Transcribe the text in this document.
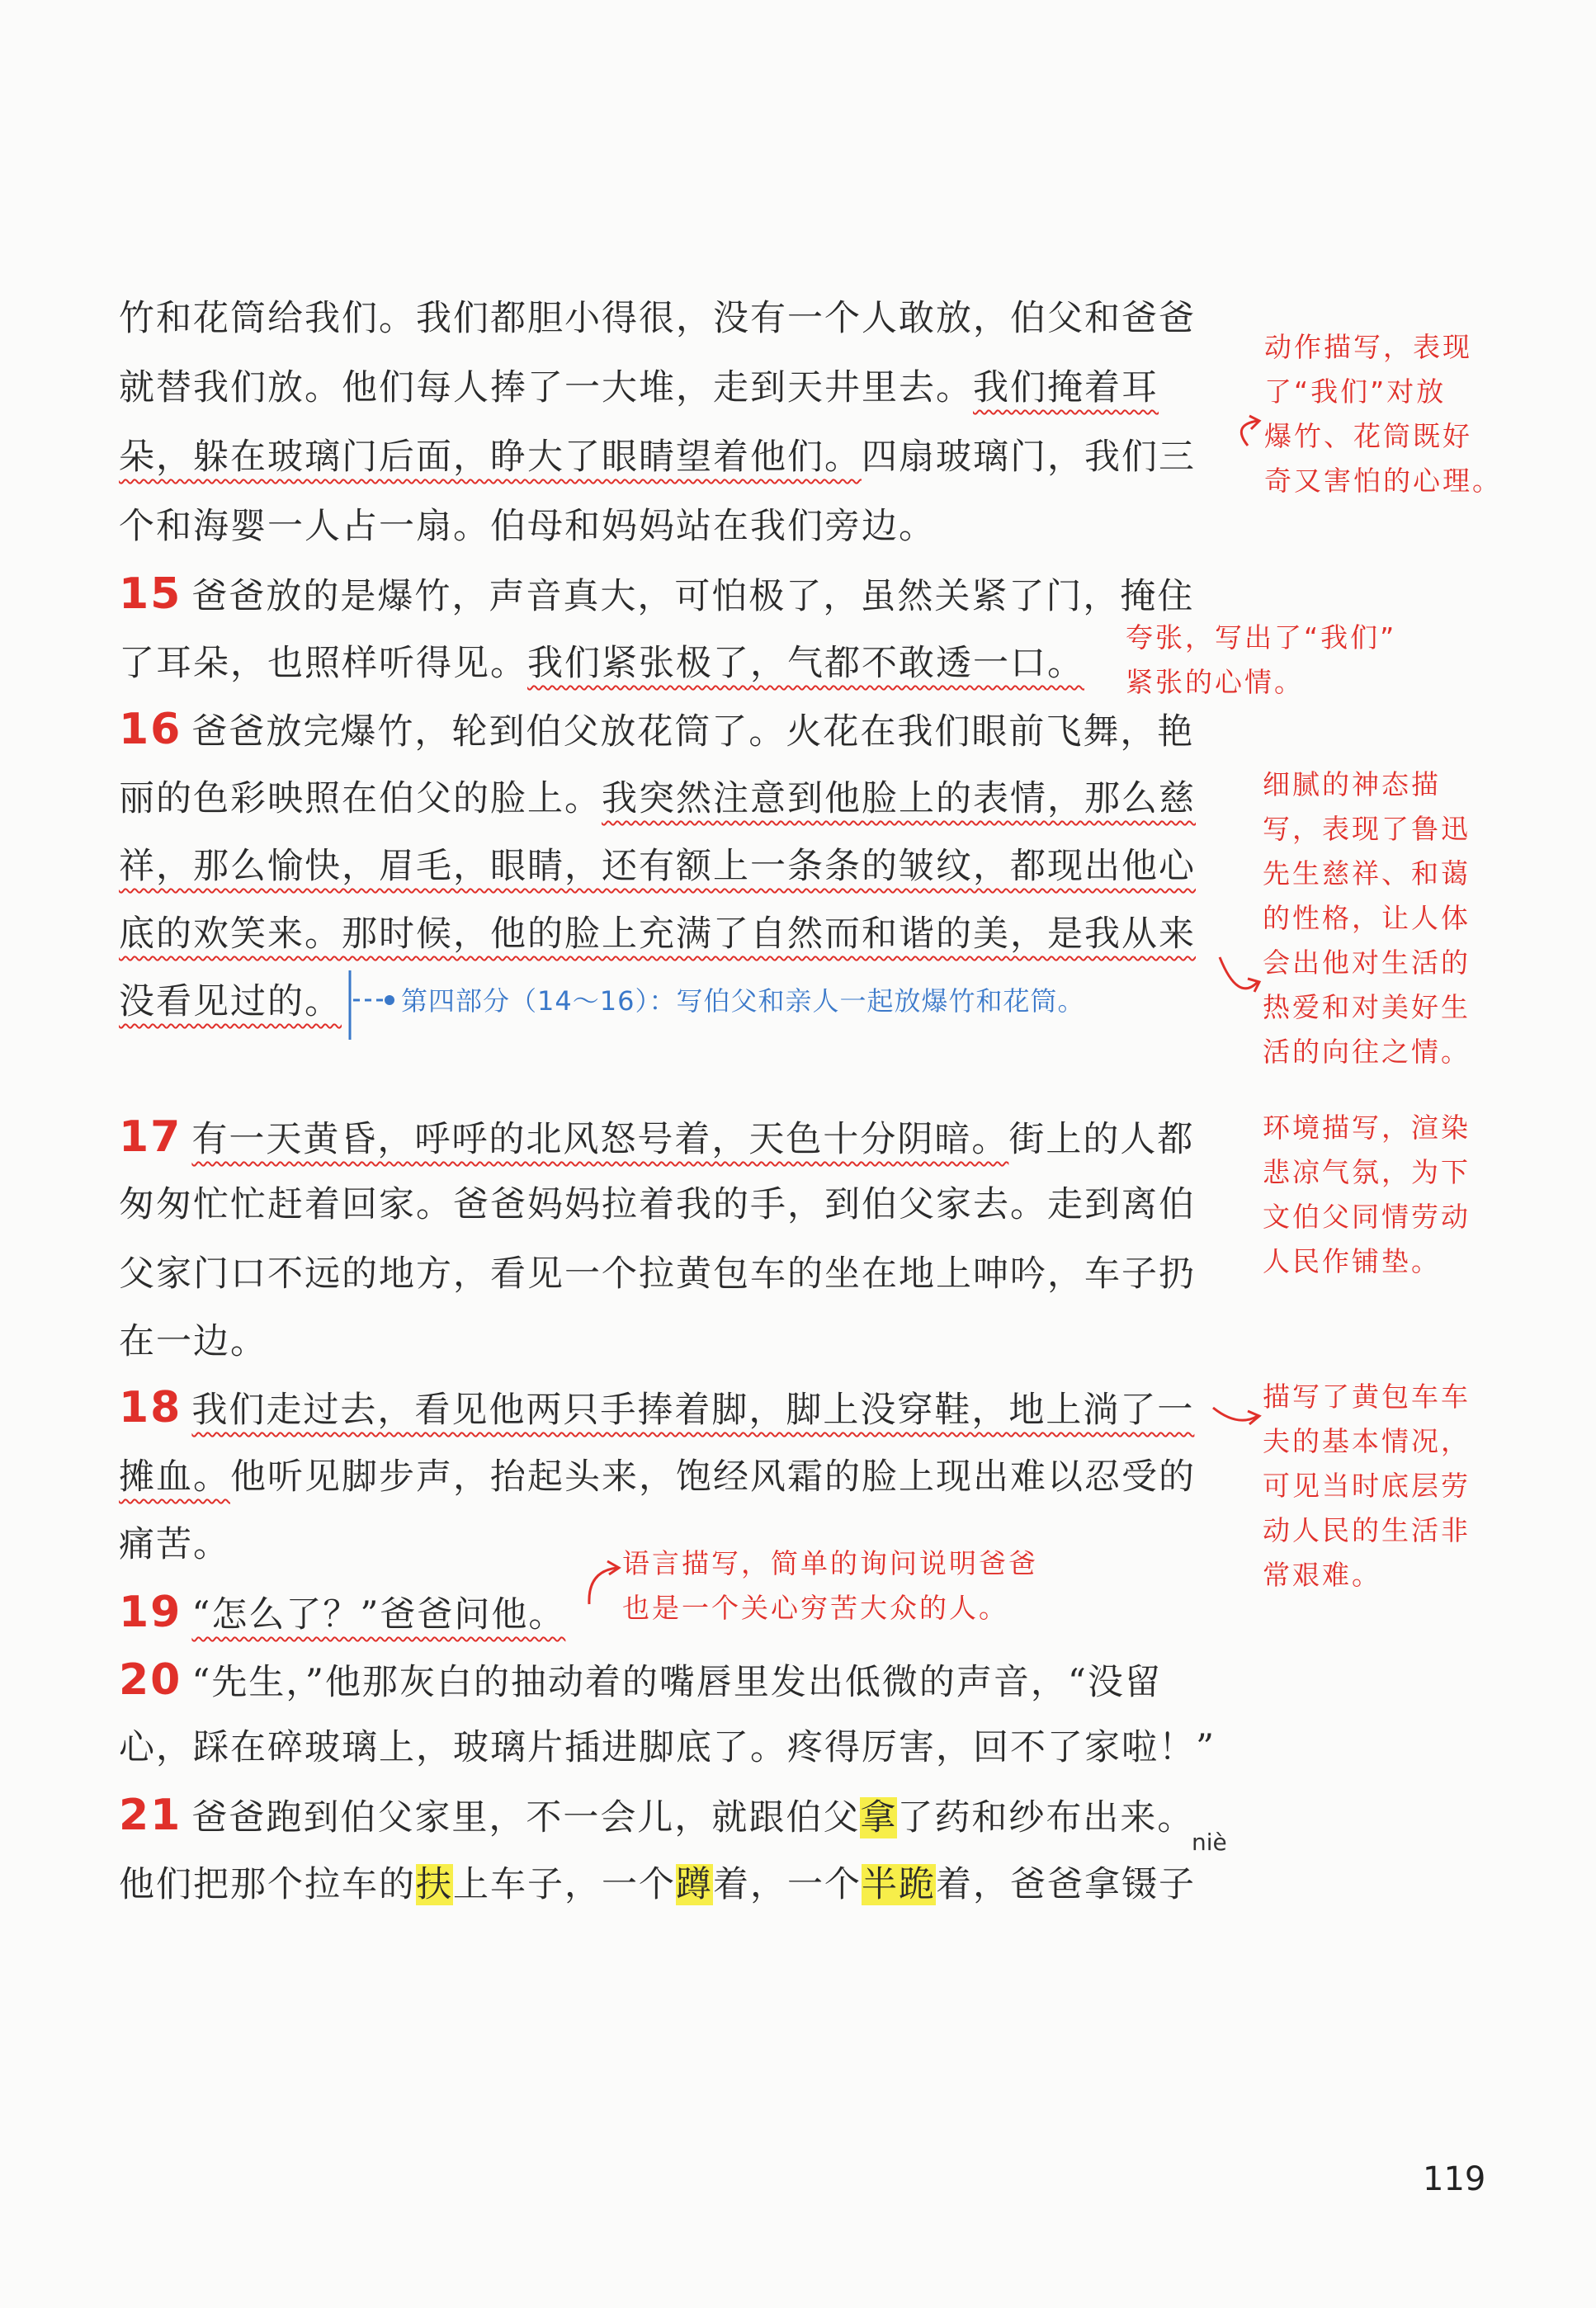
竹和花筒给我们。我们都胆小得很，没有一个人敢放，伯父和爸爸
就替我们放。他们每人捧了一大堆，走到天井里去。我们掩着耳
朵，躲在玻璃门后面，睁大了眼睛望着他们。四扇玻璃门，我们三
个和海婴一人占一扇。伯母和妈妈站在我们旁边。
15 爸爸放的是爆竹，声音真大，可怕极了，虽然关紧了门，掩住
了耳朵，也照样听得见。我们紧张极了，气都不敢透一口。
16 爸爸放完爆竹，轮到伯父放花筒了。火花在我们眼前飞舞，艳
丽的色彩映照在伯父的脸上。我突然注意到他脸上的表情，那么慈
祥，那么愉快，眉毛，眼睛，还有额上一条条的皱纹，都现出他心
底的欢笑来。那时候，他的脸上充满了自然而和谐的美，是我从来
没看见过的。
17 有一天黄昏，呼呼的北风怒号着，天色十分阴暗。街上的人都
匆匆忙忙赶着回家。爸爸妈妈拉着我的手，到伯父家去。走到离伯
父家门口不远的地方，看见一个拉黄包车的坐在地上呻吟，车子扔
在一边。
18 我们走过去，看见他两只手捧着脚，脚上没穿鞋，地上淌了一
摊血。他听见脚步声，抬起头来，饱经风霜的脸上现出难以忍受的
痛苦。
19 “怎么了？”爸爸问他。
20 “先生，”他那灰白的抽动着的嘴唇里发出低微的声音，“没留
心，踩在碎玻璃上，玻璃片插进脚底了。疼得厉害，回不了家啦！”
21 爸爸跑到伯父家里，不一会儿，就跟伯父拿了药和纱布出来。
他们把那个拉车的扶上车子，一个蹲着，一个半跪着，爸爸拿镊子
niè
动作描写，表现
了“我们”对放
爆竹、花筒既好
奇又害怕的心理。
夸张，写出了“我们”
紧张的心情。
细腻的神态描
写，表现了鲁迅
先生慈祥、和蔼
的性格，让人体
会出他对生活的
热爱和对美好生
活的向往之情。
环境描写，渲染
悲凉气氛，为下
文伯父同情劳动
人民作铺垫。
描写了黄包车车
夫的基本情况，
可见当时底层劳
动人民的生活非
常艰难。
语言描写，简单的询问说明爸爸
也是一个关心穷苦大众的人。
第四部分（14～16）：写伯父和亲人一起放爆竹和花筒。
119
